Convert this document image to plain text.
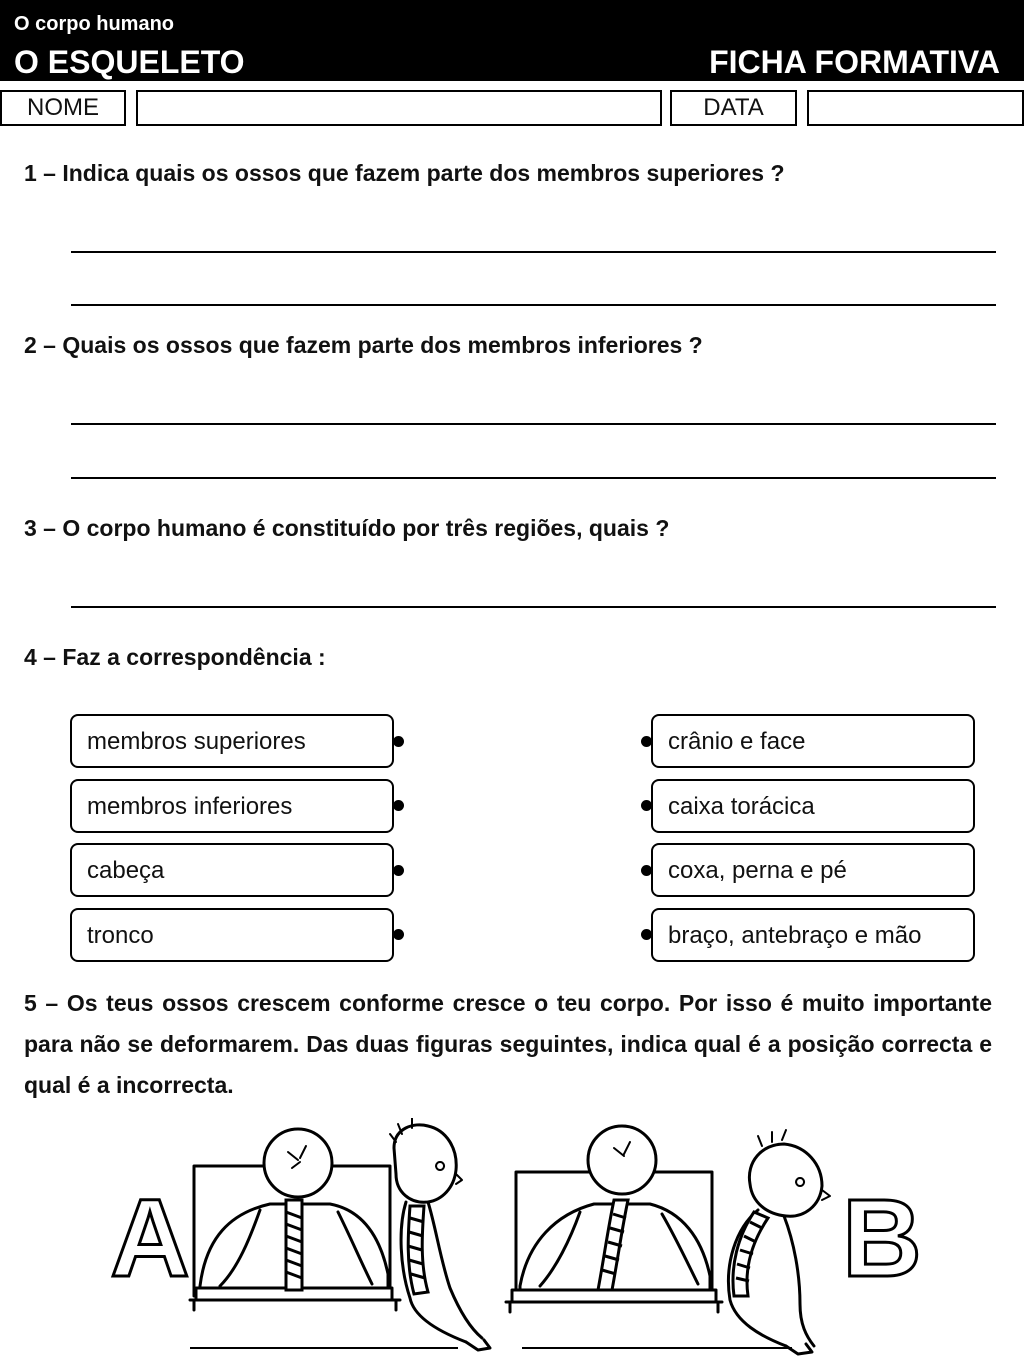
O corpo humano
O ESQUELETO	FICHA FORMATIVA
NOME	DATA
1 – Indica quais os ossos que fazem parte dos membros superiores ?
2 – Quais os ossos que fazem parte dos membros inferiores ?
3 – O corpo humano é constituído por três regiões, quais ?
4 – Faz a correspondência :
membros superiores
membros inferiores
cabeça
tronco
crânio e face
caixa torácica
coxa, perna e pé
braço, antebraço e mão
5 – Os teus ossos crescem conforme cresce o teu corpo. Por isso é muito importante para não se deformarem. Das duas figuras seguintes, indica qual é a posição correcta e qual é a incorrecta.
A	B
